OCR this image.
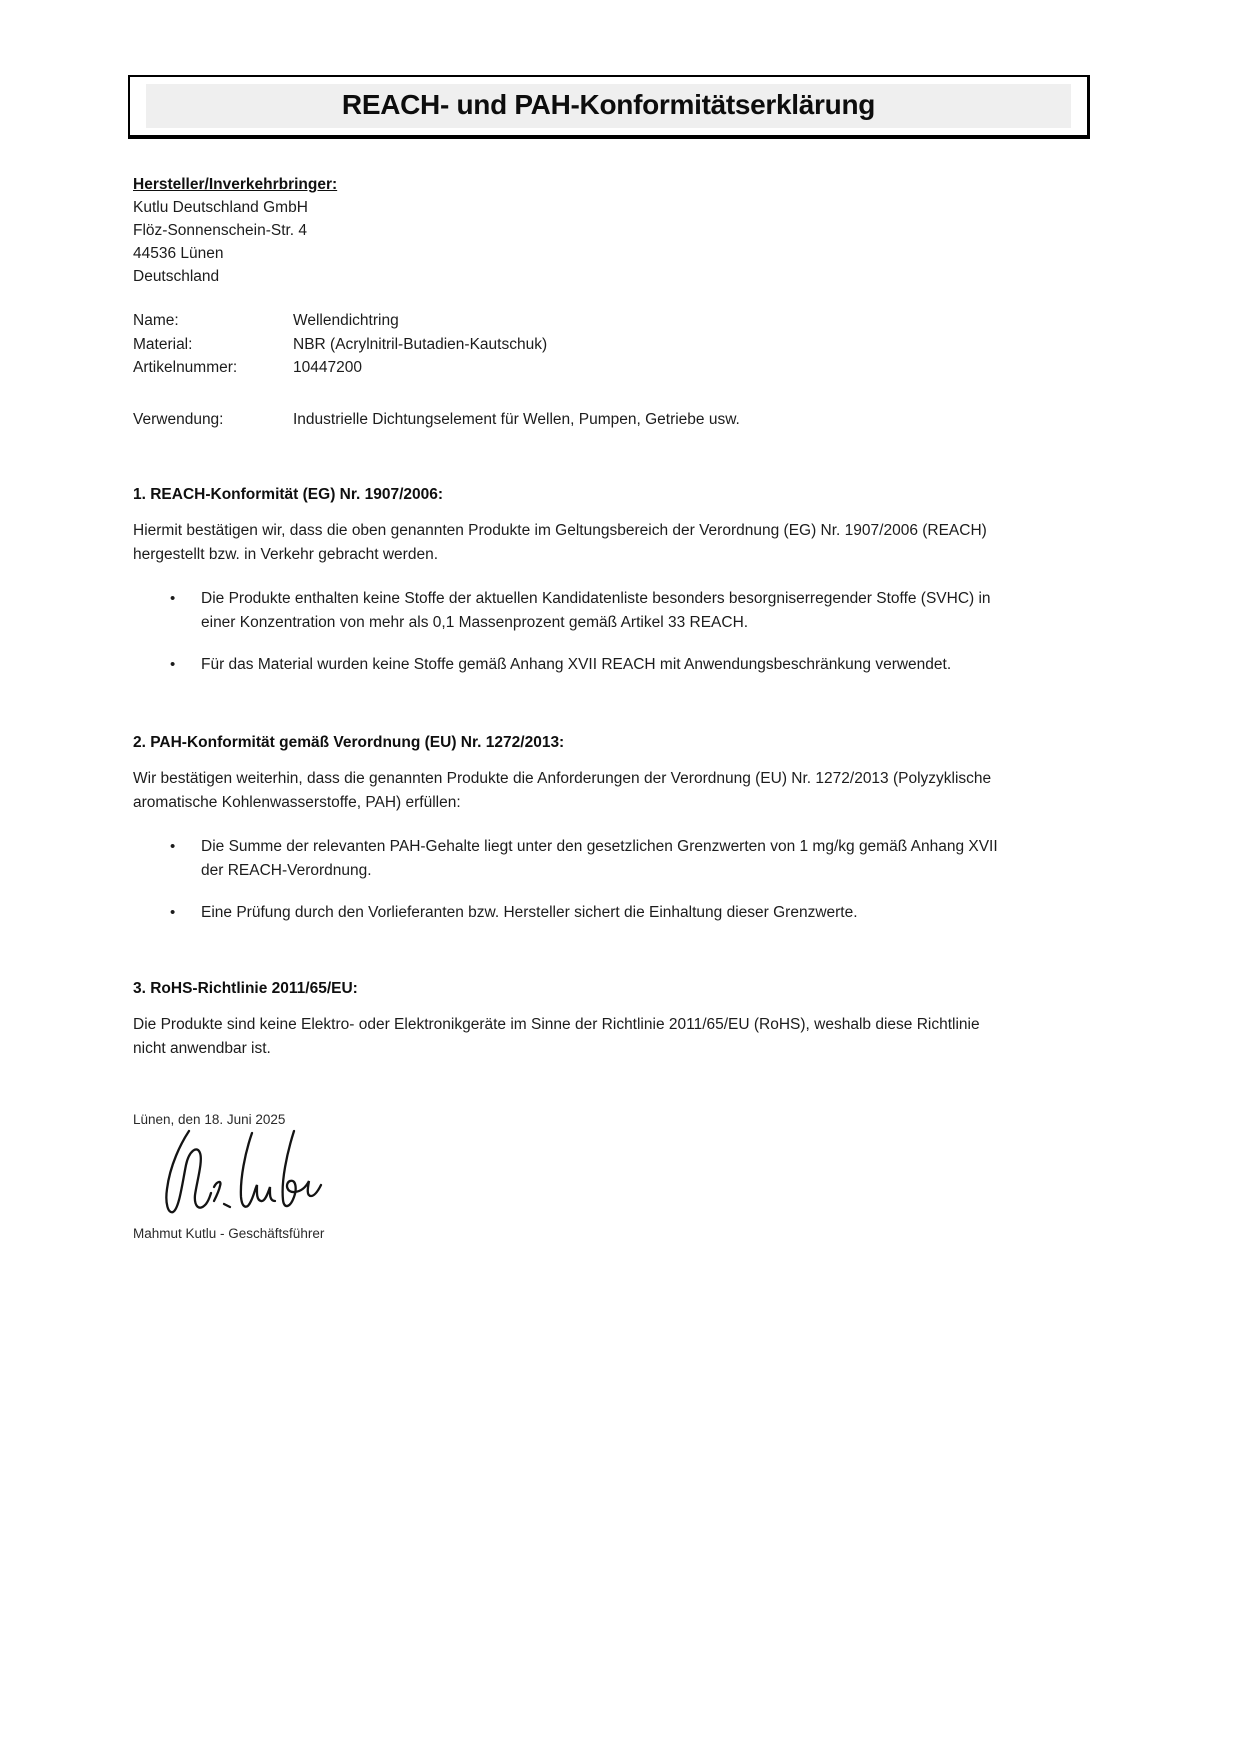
REACH- und PAH-Konformitätserklärung
Hersteller/Inverkehrbringer:
Kutlu Deutschland GmbH
Flöz-Sonnenschein-Str. 4
44536 Lünen
Deutschland
Name:	Wellendichtring
Material:	NBR (Acrylnitril-Butadien-Kautschuk)
Artikelnummer:	10447200
Verwendung:	Industrielle Dichtungselement für Wellen, Pumpen, Getriebe usw.
1. REACH-Konformität (EG) Nr. 1907/2006:

Hiermit bestätigen wir, dass die oben genannten Produkte im Geltungsbereich der Verordnung (EG) Nr. 1907/2006 (REACH) hergestellt bzw. in Verkehr gebracht werden.

• Die Produkte enthalten keine Stoffe der aktuellen Kandidatenliste besonders besorgniserregender Stoffe (SVHC) in einer Konzentration von mehr als 0,1 Massenprozent gemäß Artikel 33 REACH.
• Für das Material wurden keine Stoffe gemäß Anhang XVII REACH mit Anwendungsbeschränkung verwendet.
2. PAH-Konformität gemäß Verordnung (EU) Nr. 1272/2013:

Wir bestätigen weiterhin, dass die genannten Produkte die Anforderungen der Verordnung (EU) Nr. 1272/2013 (Polyzyklische aromatische Kohlenwasserstoffe, PAH) erfüllen:

• Die Summe der relevanten PAH-Gehalte liegt unter den gesetzlichen Grenzwerten von 1 mg/kg gemäß Anhang XVII der REACH-Verordnung.
• Eine Prüfung durch den Vorlieferanten bzw. Hersteller sichert die Einhaltung dieser Grenzwerte.
3. RoHS-Richtlinie 2011/65/EU:

Die Produkte sind keine Elektro- oder Elektronikgeräte im Sinne der Richtlinie 2011/65/EU (RoHS), weshalb diese Richtlinie nicht anwendbar ist.

Lünen, den 18. Juni 2025
Mahmut Kutlu - Geschäftsführer
